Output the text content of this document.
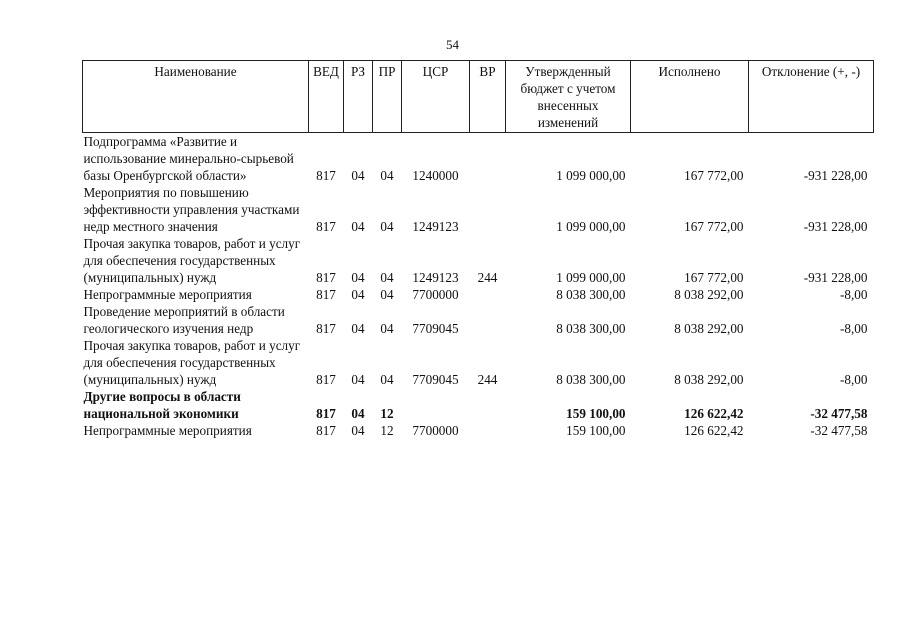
54
Наименование	ВЕД	РЗ	ПР	ЦСР	ВР	Утвержденный бюджет с учетом внесенных изменений	Исполнено	Отклонение (+, -)
Подпрограмма «Развитие и использование минерально-сырьевой базы Оренбургской области»	817	04	04	1240000		1 099 000,00	167 772,00	-931 228,00
Мероприятия по повышению эффективности управления участками недр местного значения	817	04	04	1249123		1 099 000,00	167 772,00	-931 228,00
Прочая закупка товаров, работ и услуг для обеспечения государственных (муниципальных) нужд	817	04	04	1249123	244	1 099 000,00	167 772,00	-931 228,00
Непрограммные мероприятия	817	04	04	7700000		8 038 300,00	8 038 292,00	-8,00
Проведение мероприятий в области геологического изучения недр	817	04	04	7709045		8 038 300,00	8 038 292,00	-8,00
Прочая закупка товаров, работ и услуг для обеспечения государственных (муниципальных) нужд	817	04	04	7709045	244	8 038 300,00	8 038 292,00	-8,00
Другие вопросы в области национальной экономики	817	04	12			159 100,00	126 622,42	-32 477,58
Непрограммные мероприятия	817	04	12	7700000		159 100,00	126 622,42	-32 477,58
